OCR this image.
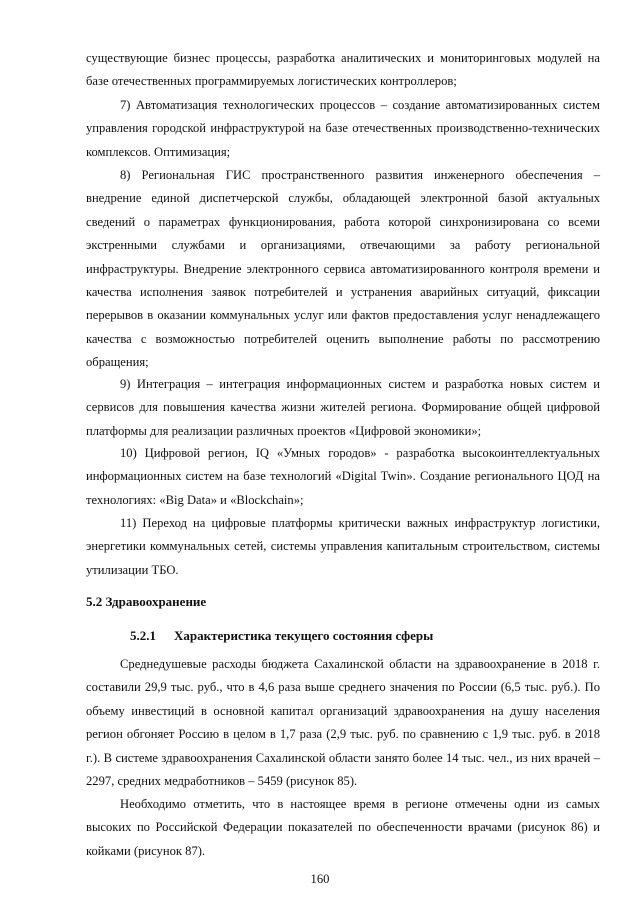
существующие бизнес процессы, разработка аналитических и мониторинговых модулей на базе отечественных программируемых логистических контроллеров;

7) Автоматизация технологических процессов – создание автоматизированных систем управления городской инфраструктурой на базе отечественных производственно-технических комплексов. Оптимизация;

8) Региональная ГИС пространственного развития инженерного обеспечения – внедрение единой диспетчерской службы, обладающей электронной базой актуальных сведений о параметрах функционирования, работа которой синхронизирована со всеми экстренными службами и организациями, отвечающими за работу региональной инфраструктуры. Внедрение электронного сервиса автоматизированного контроля времени и качества исполнения заявок потребителей и устранения аварийных ситуаций, фиксации перерывов в оказании коммунальных услуг или фактов предоставления услуг ненадлежащего качества с возможностью потребителей оценить выполнение работы по рассмотрению обращения;

9) Интеграция – интеграция информационных систем и разработка новых систем и сервисов для повышения качества жизни жителей региона. Формирование общей цифровой платформы для реализации различных проектов «Цифровой экономики»;

10) Цифровой регион, IQ «Умных городов» - разработка высокоинтеллектуальных информационных систем на базе технологий «Digital Twin». Создание регионального ЦОД на технологиях: «Big Data» и «Blockchain»;

11) Переход на цифровые платформы критически важных инфраструктур логистики, энергетики коммунальных сетей, системы управления капитальным строительством, системы утилизации ТБО.

5.2 Здравоохранение

5.2.1 Характеристика текущего состояния сферы

Среднедушевые расходы бюджета Сахалинской области на здравоохранение в 2018 г. составили 29,9 тыс. руб., что в 4,6 раза выше среднего значения по России (6,5 тыс. руб.). По объему инвестиций в основной капитал организаций здравоохранения на душу населения регион обгоняет Россию в целом в 1,7 раза (2,9 тыс. руб. по сравнению с 1,9 тыс. руб. в 2018 г.). В системе здравоохранения Сахалинской области занято более 14 тыс. чел., из них врачей – 2297, средних медработников – 5459 (рисунок 85).

Необходимо отметить, что в настоящее время в регионе отмечены одни из самых высоких по Российской Федерации показателей по обеспеченности врачами (рисунок 86) и койками (рисунок 87).

160
